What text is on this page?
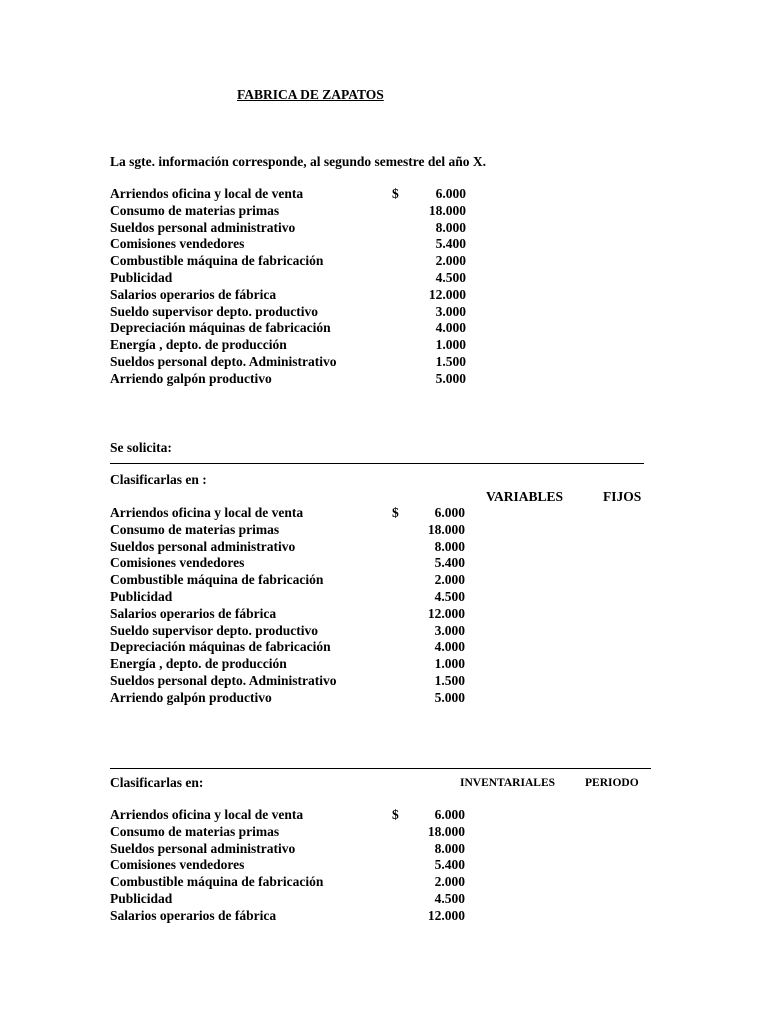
FABRICA DE ZAPATOS
La sgte. información corresponde, al segundo semestre del año X.
Arriendos oficina y local de venta	$	6.000
Consumo de materias primas	18.000
Sueldos personal administrativo	8.000
Comisiones vendedores	5.400
Combustible máquina de fabricación	2.000
Publicidad	4.500
Salarios operarios de fábrica	12.000
Sueldo supervisor depto. productivo	3.000
Depreciación máquinas de fabricación	4.000
Energía , depto. de producción	1.000
Sueldos personal depto. Administrativo	1.500
Arriendo galpón productivo	5.000
Se solicita:
Clasificarlas en :
VARIABLES	FIJOS
Arriendos oficina y local de venta	$	6.000
Consumo de materias primas	18.000
Sueldos personal administrativo	8.000
Comisiones vendedores	5.400
Combustible máquina de fabricación	2.000
Publicidad	4.500
Salarios operarios de fábrica	12.000
Sueldo supervisor depto. productivo	3.000
Depreciación máquinas de fabricación	4.000
Energía , depto. de producción	1.000
Sueldos personal depto. Administrativo	1.500
Arriendo galpón productivo	5.000
Clasificarlas en:	INVENTARIALES	PERIODO
Arriendos oficina y local de venta	$	6.000
Consumo de materias primas	18.000
Sueldos personal administrativo	8.000
Comisiones vendedores	5.400
Combustible máquina de fabricación	2.000
Publicidad	4.500
Salarios operarios de fábrica	12.000
